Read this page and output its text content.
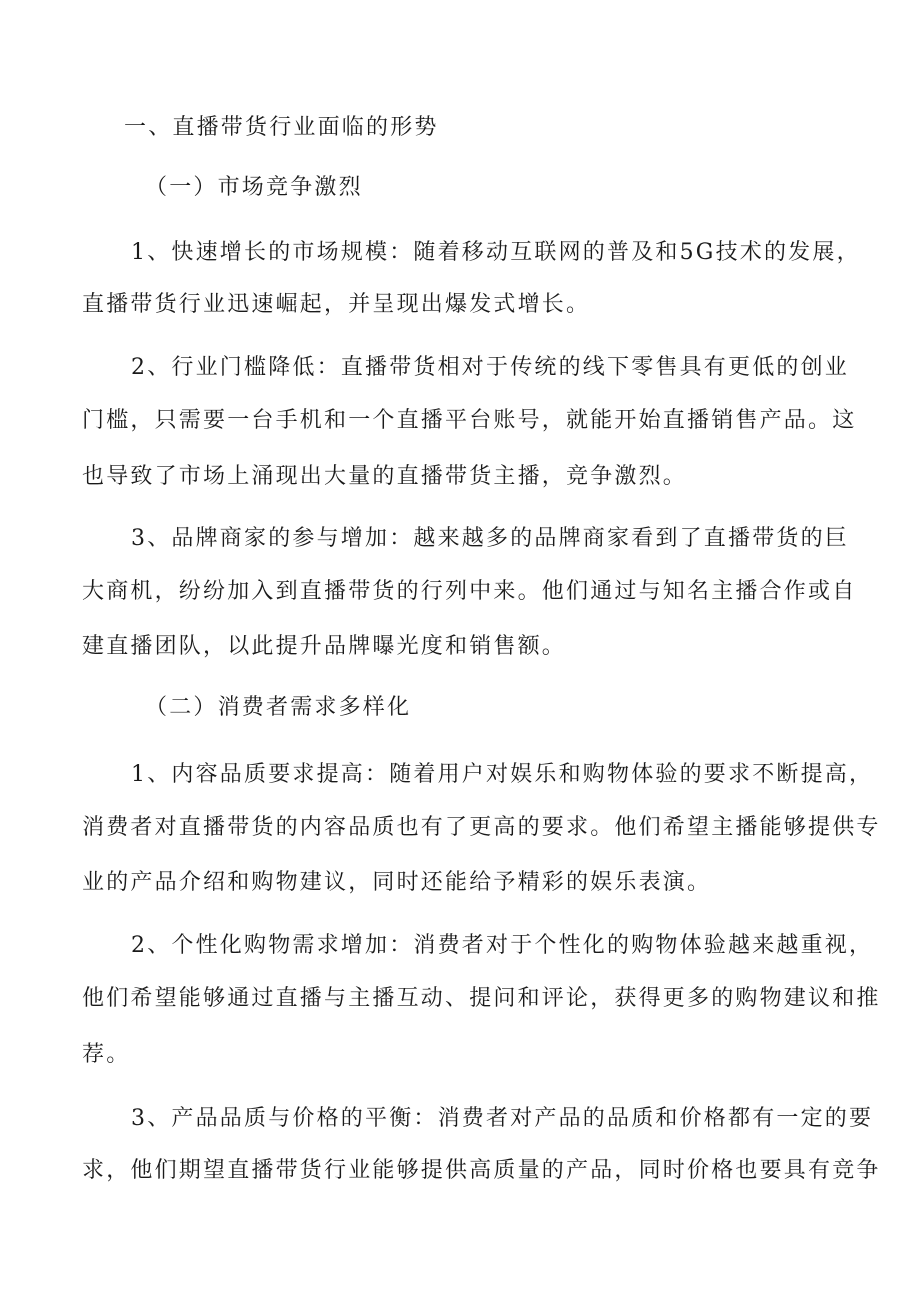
一、直播带货行业面临的形势
（一）市场竞争激烈
1、快速增长的市场规模：随着移动互联网的普及和5G技术的发展，
直播带货行业迅速崛起，并呈现出爆发式增长。
2、行业门槛降低：直播带货相对于传统的线下零售具有更低的创业
门槛，只需要一台手机和一个直播平台账号，就能开始直播销售产品。这
也导致了市场上涌现出大量的直播带货主播，竞争激烈。
3、品牌商家的参与增加：越来越多的品牌商家看到了直播带货的巨
大商机，纷纷加入到直播带货的行列中来。他们通过与知名主播合作或自
建直播团队，以此提升品牌曝光度和销售额。
（二）消费者需求多样化
1、内容品质要求提高：随着用户对娱乐和购物体验的要求不断提高，
消费者对直播带货的内容品质也有了更高的要求。他们希望主播能够提供专
业的产品介绍和购物建议，同时还能给予精彩的娱乐表演。
2、个性化购物需求增加：消费者对于个性化的购物体验越来越重视，
他们希望能够通过直播与主播互动、提问和评论，获得更多的购物建议和推
荐。
3、产品品质与价格的平衡：消费者对产品的品质和价格都有一定的要
求，他们期望直播带货行业能够提供高质量的产品，同时价格也要具有竞争
